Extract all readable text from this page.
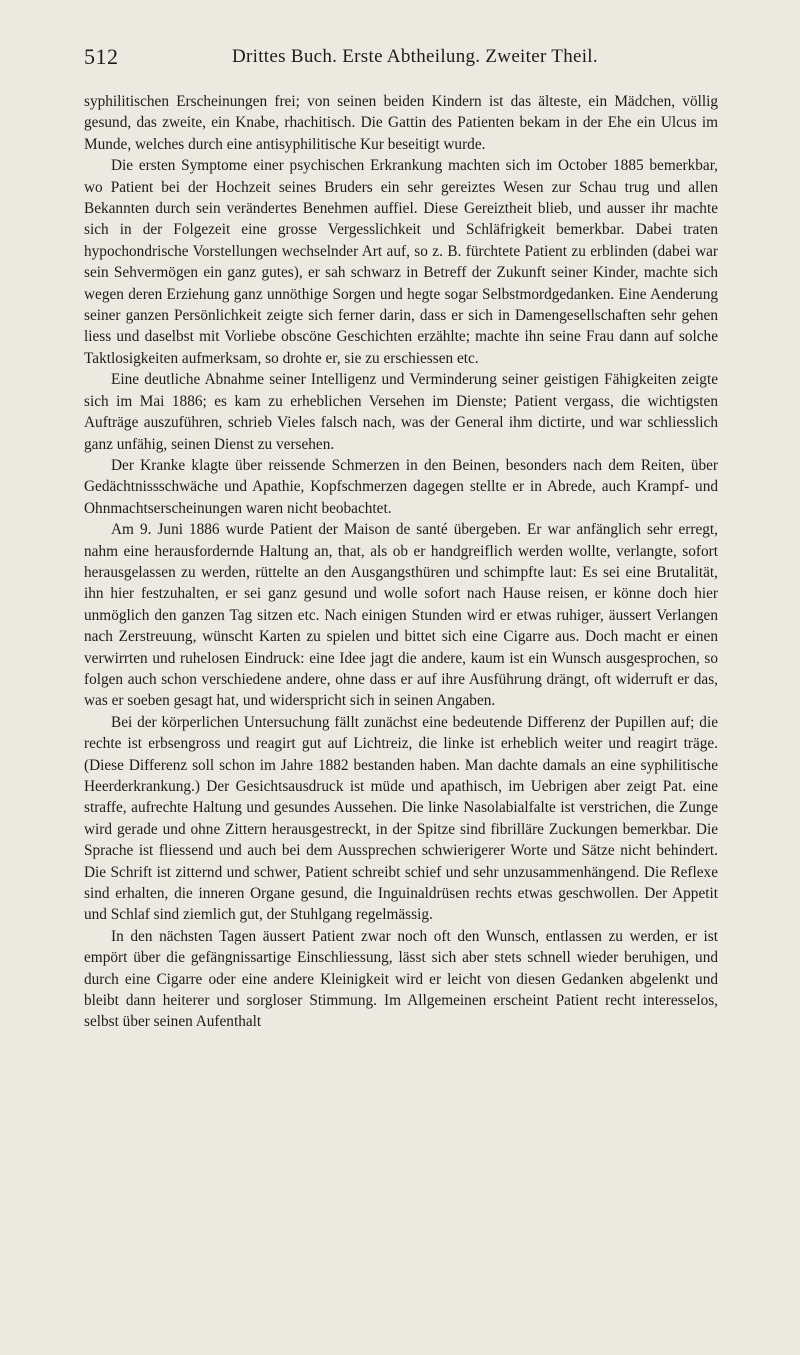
512	Drittes Buch. Erste Abtheilung. Zweiter Theil.

syphilitischen Erscheinungen frei; von seinen beiden Kindern ist das älteste, ein Mädchen, völlig gesund, das zweite, ein Knabe, rhachitisch. Die Gattin des Patienten bekam in der Ehe ein Ulcus im Munde, welches durch eine antisyphilitische Kur beseitigt wurde.

Die ersten Symptome einer psychischen Erkrankung machten sich im October 1885 bemerkbar, wo Patient bei der Hochzeit seines Bruders ein sehr gereiztes Wesen zur Schau trug und allen Bekannten durch sein verändertes Benehmen auffiel. Diese Gereiztheit blieb, und ausser ihr machte sich in der Folgezeit eine grosse Vergesslichkeit und Schläfrigkeit bemerkbar. Dabei traten hypochondrische Vorstellungen wechselnder Art auf, so z. B. fürchtete Patient zu erblinden (dabei war sein Sehvermögen ein ganz gutes), er sah schwarz in Betreff der Zukunft seiner Kinder, machte sich wegen deren Erziehung ganz unnöthige Sorgen und hegte sogar Selbstmordgedanken. Eine Aenderung seiner ganzen Persönlichkeit zeigte sich ferner darin, dass er sich in Damengesellschaften sehr gehen liess und daselbst mit Vorliebe obscöne Geschichten erzählte; machte ihn seine Frau dann auf solche Taktlosigkeiten aufmerksam, so drohte er, sie zu erschiessen etc.

Eine deutliche Abnahme seiner Intelligenz und Verminderung seiner geistigen Fähigkeiten zeigte sich im Mai 1886; es kam zu erheblichen Versehen im Dienste; Patient vergass, die wichtigsten Aufträge auszuführen, schrieb Vieles falsch nach, was der General ihm dictirte, und war schliesslich ganz unfähig, seinen Dienst zu versehen.

Der Kranke klagte über reissende Schmerzen in den Beinen, besonders nach dem Reiten, über Gedächtnissschwäche und Apathie, Kopfschmerzen dagegen stellte er in Abrede, auch Krampf- und Ohnmachtserscheinungen waren nicht beobachtet.

Am 9. Juni 1886 wurde Patient der Maison de santé übergeben. Er war anfänglich sehr erregt, nahm eine herausfordernde Haltung an, that, als ob er handgreiflich werden wollte, verlangte, sofort herausgelassen zu werden, rüttelte an den Ausgangsthüren und schimpfte laut: Es sei eine Brutalität, ihn hier festzuhalten, er sei ganz gesund und wolle sofort nach Hause reisen, er könne doch hier unmöglich den ganzen Tag sitzen etc. Nach einigen Stunden wird er etwas ruhiger, äussert Verlangen nach Zerstreuung, wünscht Karten zu spielen und bittet sich eine Cigarre aus. Doch macht er einen verwirrten und ruhelosen Eindruck: eine Idee jagt die andere, kaum ist ein Wunsch ausgesprochen, so folgen auch schon verschiedene andere, ohne dass er auf ihre Ausführung drängt, oft widerruft er das, was er soeben gesagt hat, und widerspricht sich in seinen Angaben.

Bei der körperlichen Untersuchung fällt zunächst eine bedeutende Differenz der Pupillen auf; die rechte ist erbsengross und reagirt gut auf Lichtreiz, die linke ist erheblich weiter und reagirt träge. (Diese Differenz soll schon im Jahre 1882 bestanden haben. Man dachte damals an eine syphilitische Heerderkrankung.) Der Gesichtsausdruck ist müde und apathisch, im Uebrigen aber zeigt Pat. eine straffe, aufrechte Haltung und gesundes Aussehen. Die linke Nasolabialfalte ist verstrichen, die Zunge wird gerade und ohne Zittern herausgestreckt, in der Spitze sind fibrilläre Zuckungen bemerkbar. Die Sprache ist fliessend und auch bei dem Aussprechen schwierigerer Worte und Sätze nicht behindert. Die Schrift ist zitternd und schwer, Patient schreibt schief und sehr unzusammenhängend. Die Reflexe sind erhalten, die inneren Organe gesund, die Inguinaldrüsen rechts etwas geschwollen. Der Appetit und Schlaf sind ziemlich gut, der Stuhlgang regelmässig.

In den nächsten Tagen äussert Patient zwar noch oft den Wunsch, entlassen zu werden, er ist empört über die gefängnissartige Einschliessung, lässt sich aber stets schnell wieder beruhigen, und durch eine Cigarre oder eine andere Kleinigkeit wird er leicht von diesen Gedanken abgelenkt und bleibt dann heiterer und sorgloser Stimmung. Im Allgemeinen erscheint Patient recht interesselos, selbst über seinen Aufenthalt
